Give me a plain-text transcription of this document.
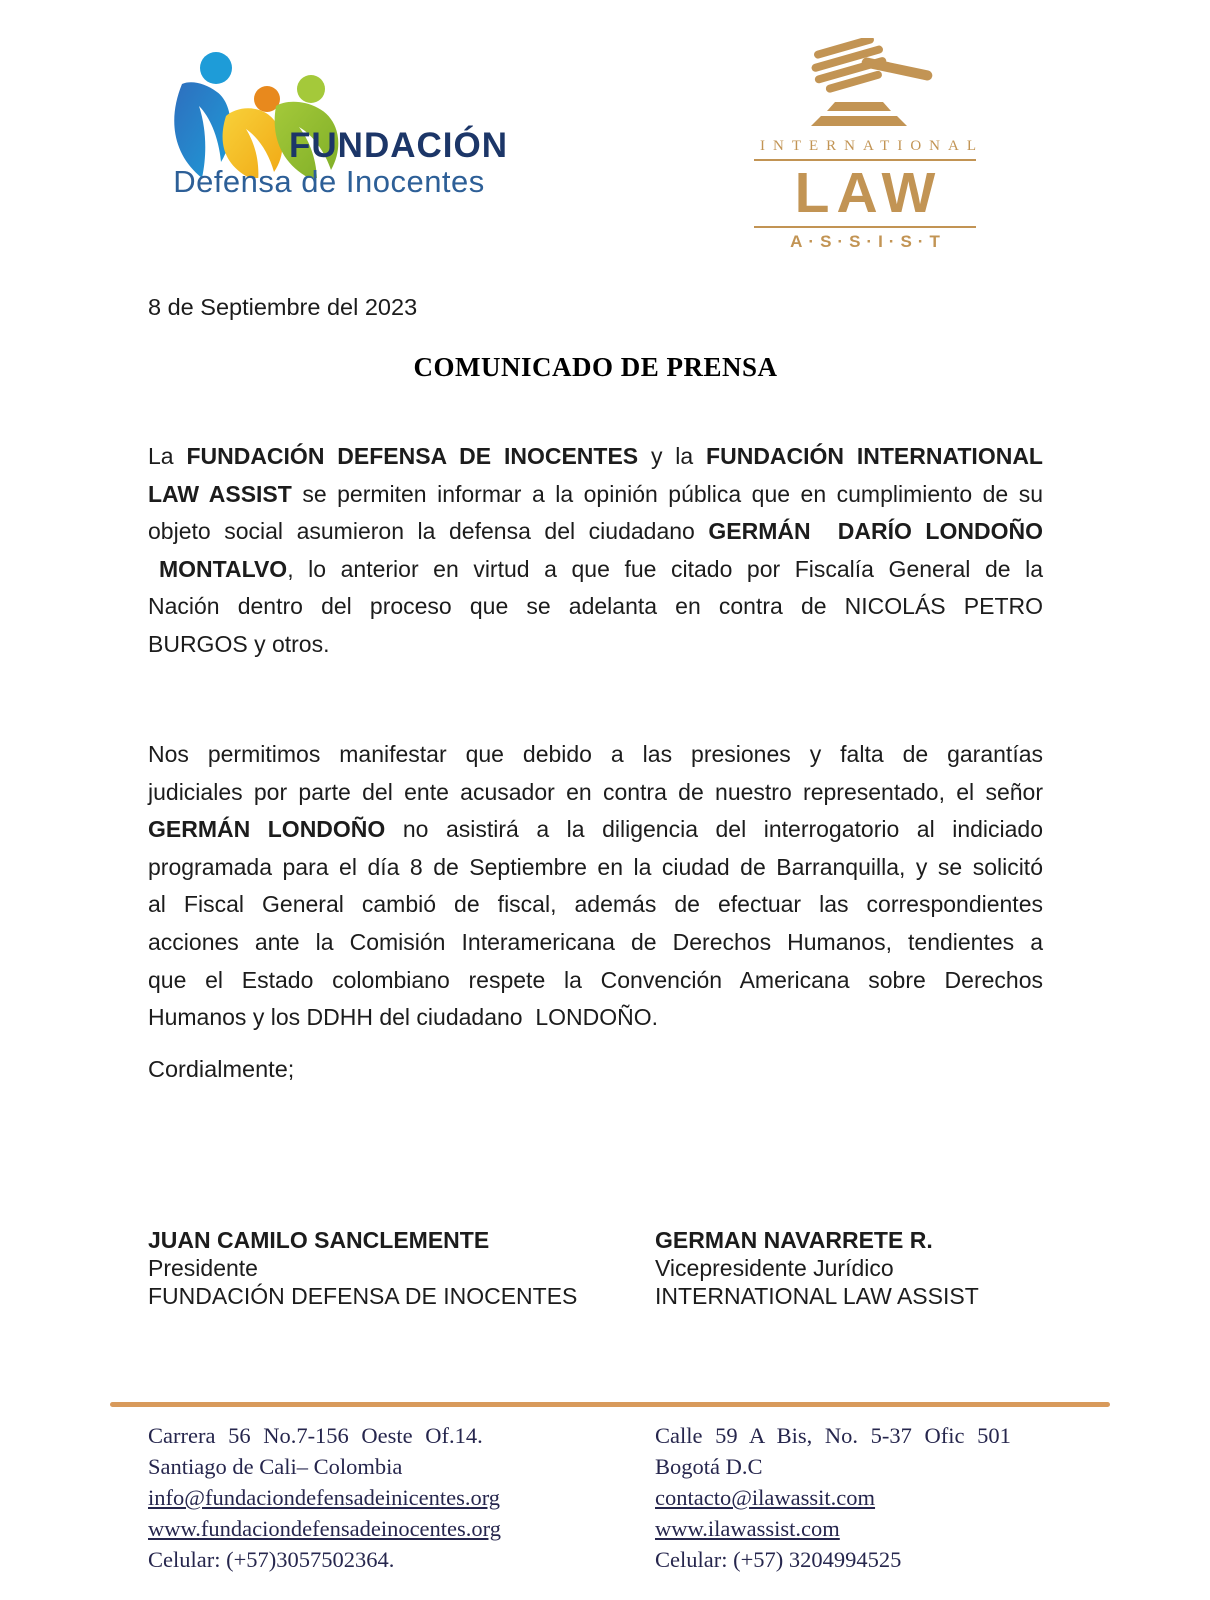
FUNDACIÓN
Defensa de Inocentes
INTERNATIONAL
LAW
A·S·S·I·S·T
8 de Septiembre del 2023
COMUNICADO DE PRENSA
La FUNDACIÓN DEFENSA DE INOCENTES y la FUNDACIÓN INTERNATIONAL
LAW ASSIST se permiten informar a la opinión pública que en cumplimiento de su
objeto social asumieron la defensa del ciudadano GERMÁN  DARÍO LONDOÑO
MONTALVO, lo anterior en virtud a que fue citado por Fiscalía General de la
Nación dentro del proceso que se adelanta en contra de NICOLÁS PETRO
BURGOS y otros.
Nos permitimos manifestar que debido a las presiones y falta de garantías
judiciales por parte del ente acusador en contra de nuestro representado, el señor
GERMÁN LONDOÑO no asistirá a la diligencia del interrogatorio al indiciado
programada para el día 8 de Septiembre en la ciudad de Barranquilla, y se solicitó
al Fiscal General cambió de fiscal, además de efectuar las correspondientes
acciones ante la Comisión Interamericana de Derechos Humanos, tendientes a
que el Estado colombiano respete la Convención Americana sobre Derechos
Humanos y los DDHH del ciudadano  LONDOÑO.
Cordialmente;
JUAN CAMILO SANCLEMENTE
Presidente
FUNDACIÓN DEFENSA DE INOCENTES
GERMAN NAVARRETE R.
Vicepresidente Jurídico
INTERNATIONAL LAW ASSIST
Carrera 56 No.7-156 Oeste Of.14.
Santiago de Cali– Colombia
info@fundaciondefensadeinicentes.org
www.fundaciondefensadeinocentes.org
Celular: (+57)3057502364.
Calle 59 A Bis, No. 5-37 Ofic 501
Bogotá D.C
contacto@ilawassit.com
www.ilawassist.com
Celular: (+57) 3204994525
